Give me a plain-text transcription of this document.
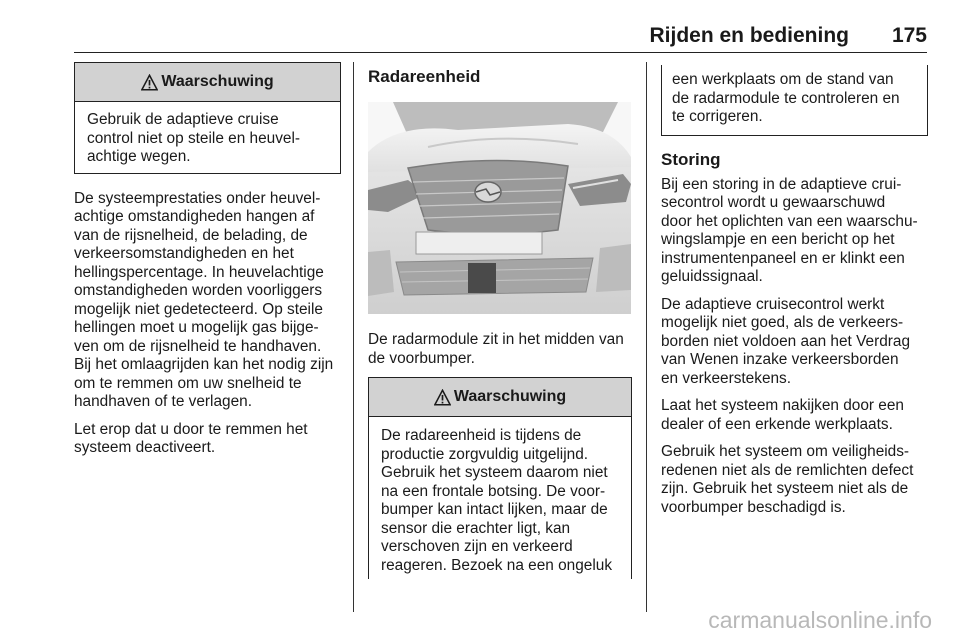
Rijden en bediening 175
Waarschuwing

Gebruik de adaptieve cruise
control niet op steile en heuvel-
achtige wegen.

De systeemprestaties onder heuvel-
achtige omstandigheden hangen af
van de rijsnelheid, de belading, de
verkeersomstandigheden en het
hellingspercentage. In heuvelachtige
omstandigheden worden voorliggers
mogelijk niet gedetecteerd. Op steile
hellingen moet u mogelijk gas bijge-
ven om de rijsnelheid te handhaven.
Bij het omlaagrijden kan het nodig zijn
om te remmen om uw snelheid te
handhaven of te verlagen.

Let erop dat u door te remmen het
systeem deactiveert.

Radareenheid

De radarmodule zit in het midden van
de voorbumper.

Waarschuwing

De radareenheid is tijdens de
productie zorgvuldig uitgelijnd.
Gebruik het systeem daarom niet
na een frontale botsing. De voor-
bumper kan intact lijken, maar de
sensor die erachter ligt, kan
verschoven zijn en verkeerd
reageren. Bezoek na een ongeluk

een werkplaats om de stand van
de radarmodule te controleren en
te corrigeren.

Storing

Bij een storing in de adaptieve crui-
secontrol wordt u gewaarschuwd
door het oplichten van een waarschu-
wingslampje en een bericht op het
instrumentenpaneel en er klinkt een
geluidssignaal.

De adaptieve cruisecontrol werkt
mogelijk niet goed, als de verkeers-
borden niet voldoen aan het Verdrag
van Wenen inzake verkeersborden
en verkeerstekens.

Laat het systeem nakijken door een
dealer of een erkende werkplaats.

Gebruik het systeem om veiligheids-
redenen niet als de remlichten defect
zijn. Gebruik het systeem niet als de
voorbumper beschadigd is.

carmanualsonline.info
